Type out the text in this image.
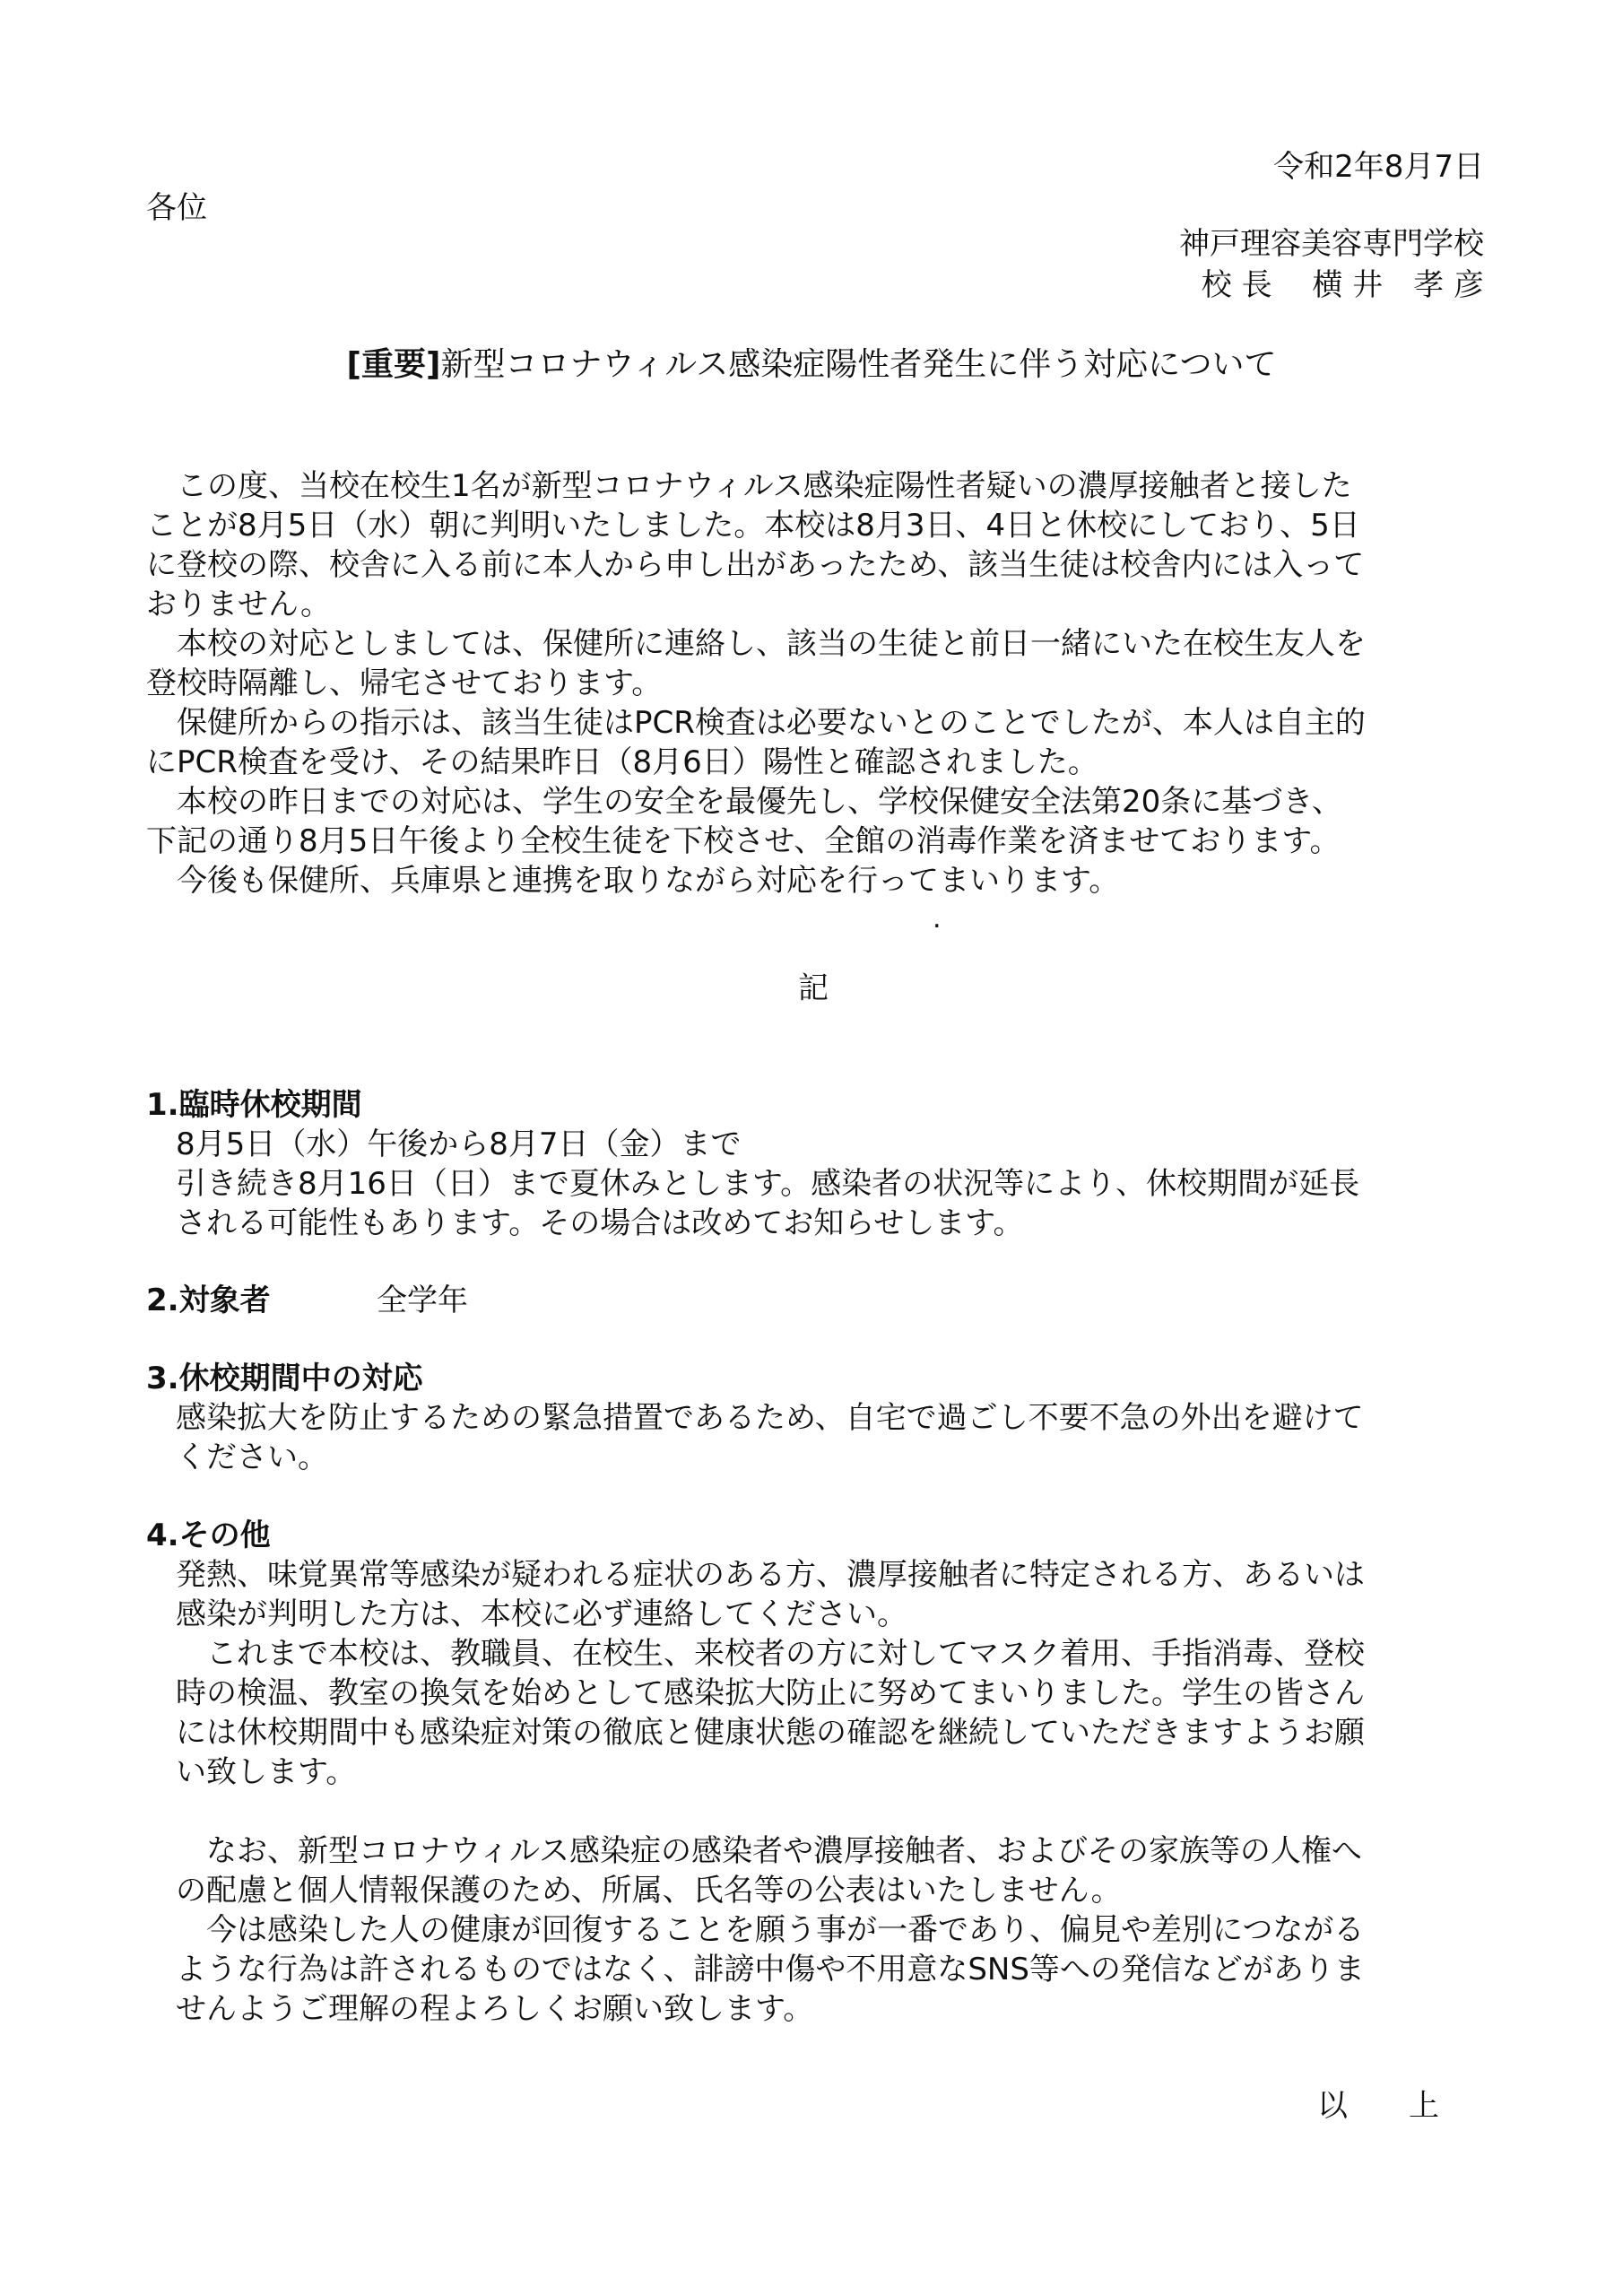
令和2年8月7日
各位
神戸理容美容専門学校
校 長　 横 井　孝 彦
[重要]新型コロナウィルス感染症陽性者発生に伴う対応について
　この度、当校在校生1名が新型コロナウィルス感染症陽性者疑いの濃厚接触者と接した
ことが8月5日（水）朝に判明いたしました。本校は8月3日、4日と休校にしており、5日
に登校の際、校舎に入る前に本人から申し出があったため、該当生徒は校舎内には入って
おりません。
　本校の対応としましては、保健所に連絡し、該当の生徒と前日一緒にいた在校生友人を
登校時隔離し、帰宅させております。
　保健所からの指示は、該当生徒はPCR検査は必要ないとのことでしたが、本人は自主的
にPCR検査を受け、その結果昨日（8月6日）陽性と確認されました。
　本校の昨日までの対応は、学生の安全を最優先し、学校保健安全法第20条に基づき、
下記の通り8月5日午後より全校生徒を下校させ、全館の消毒作業を済ませております。
　今後も保健所、兵庫県と連携を取りながら対応を行ってまいります。
.
記
1.臨時休校期間
8月5日（水）午後から8月7日（金）まで
引き続き8月16日（日）まで夏休みとします。感染者の状況等により、休校期間が延長
される可能性もあります。その場合は改めてお知らせします。
2.対象者	全学年
3.休校期間中の対応
感染拡大を防止するための緊急措置であるため、自宅で過ごし不要不急の外出を避けて
ください。
4.その他
発熱、味覚異常等感染が疑われる症状のある方、濃厚接触者に特定される方、あるいは
感染が判明した方は、本校に必ず連絡してください。
　これまで本校は、教職員、在校生、来校者の方に対してマスク着用、手指消毒、登校
時の検温、教室の換気を始めとして感染拡大防止に努めてまいりました。学生の皆さん
には休校期間中も感染症対策の徹底と健康状態の確認を継続していただきますようお願
い致します。
　なお、新型コロナウィルス感染症の感染者や濃厚接触者、およびその家族等の人権へ
の配慮と個人情報保護のため、所属、氏名等の公表はいたしません。
　今は感染した人の健康が回復することを願う事が一番であり、偏見や差別につながる
ような行為は許されるものではなく、誹謗中傷や不用意なSNS等への発信などがありま
せんようご理解の程よろしくお願い致します。
以　　上
